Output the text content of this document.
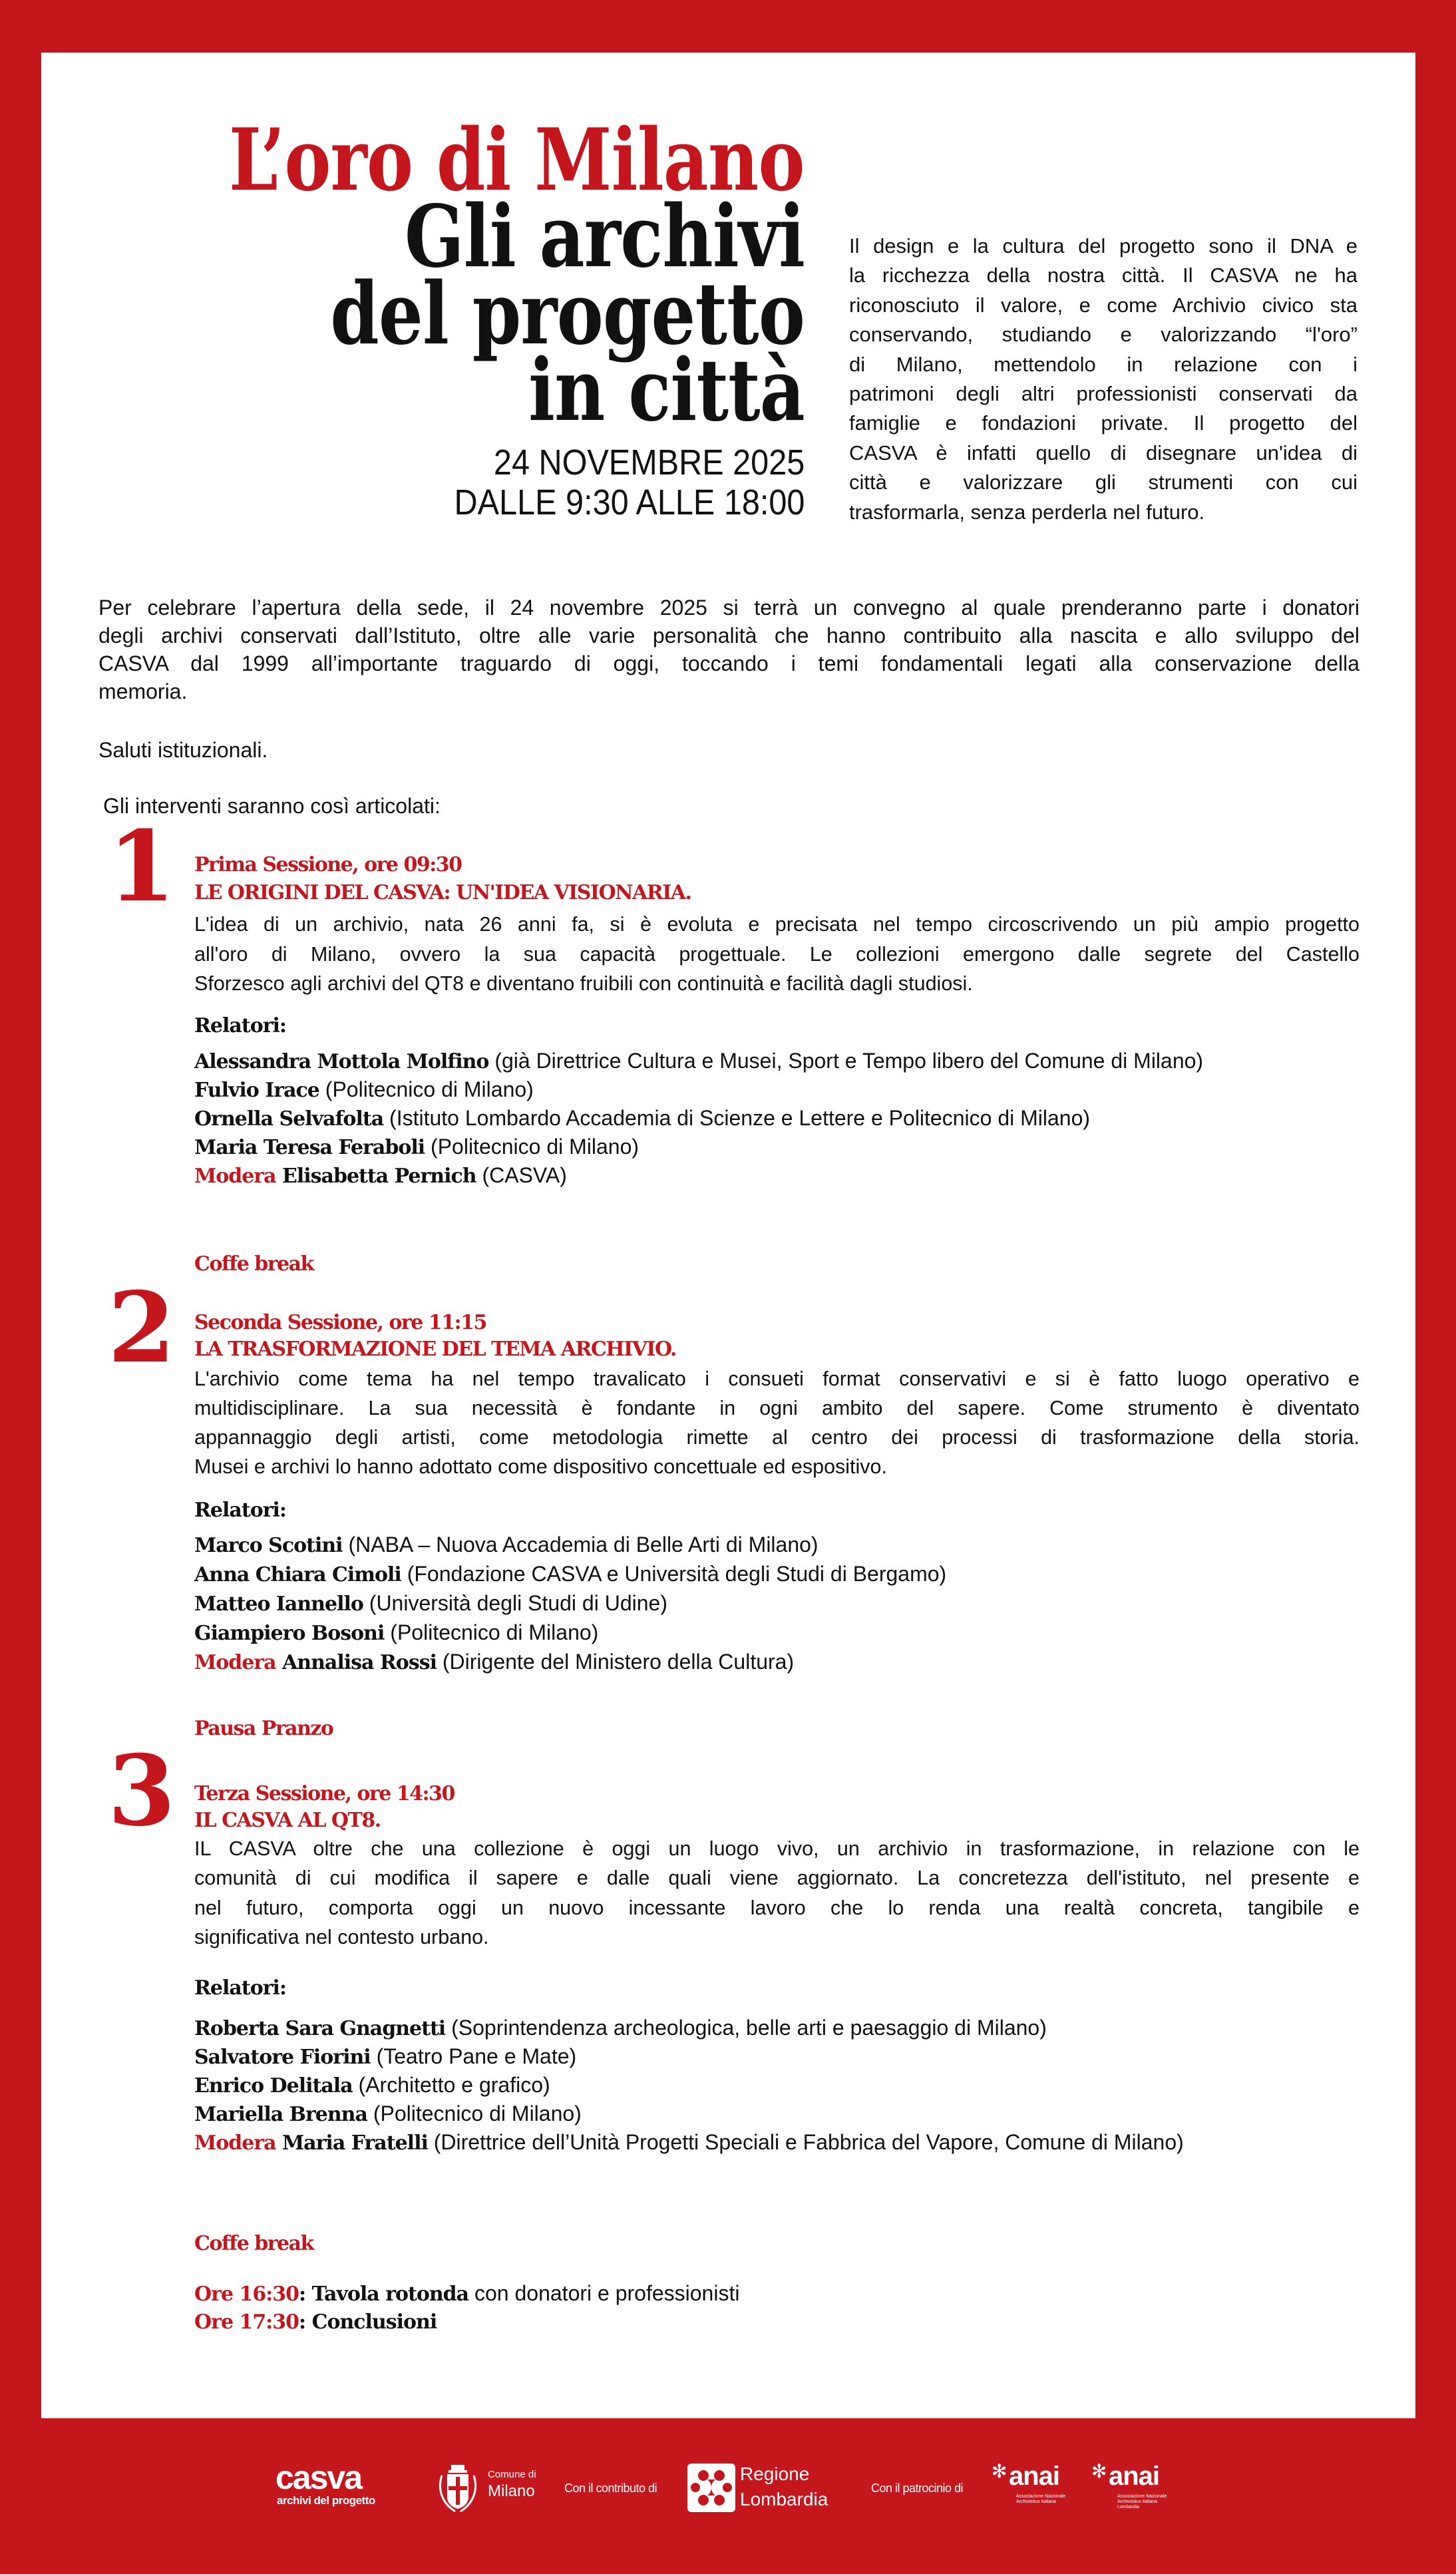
L’oro di Milano
Gli archivi
del progetto
in città
24 NOVEMBRE 2025
DALLE 9:30 ALLE 18:00
Il design e la cultura del progetto sono il DNA e
la ricchezza della nostra città. Il CASVA ne ha
riconosciuto il valore, e come Archivio civico sta
conservando, studiando e valorizzando “l'oro”
di Milano, mettendolo in relazione con i
patrimoni degli altri professionisti conservati da
famiglie e fondazioni private. Il progetto del
CASVA è infatti quello di disegnare un'idea di
città e valorizzare gli strumenti con cui
trasformarla, senza perderla nel futuro.
Per celebrare l’apertura della sede, il 24 novembre 2025 si terrà un convegno al quale prenderanno parte i donatori
degli archivi conservati dall’Istituto, oltre alle varie personalità che hanno contribuito alla nascita e allo sviluppo del
CASVA dal 1999 all’importante traguardo di oggi, toccando i temi fondamentali legati alla conservazione della
memoria.
Saluti istituzionali.
Gli interventi saranno così articolati:
1 Prima Sessione, ore 09:30
LE ORIGINI DEL CASVA: UN'IDEA VISIONARIA.
L'idea di un archivio, nata 26 anni fa, si è evoluta e precisata nel tempo circoscrivendo un più ampio progetto
all'oro di Milano, ovvero la sua capacità progettuale. Le collezioni emergono dalle segrete del Castello
Sforzesco agli archivi del QT8 e diventano fruibili con continuità e facilità dagli studiosi.
Relatori:
Alessandra Mottola Molfino (già Direttrice Cultura e Musei, Sport e Tempo libero del Comune di Milano)
Fulvio Irace (Politecnico di Milano)
Ornella Selvafolta (Istituto Lombardo Accademia di Scienze e Lettere e Politecnico di Milano)
Maria Teresa Feraboli (Politecnico di Milano)
Modera Elisabetta Pernich (CASVA)
2 Seconda Sessione, ore 11:15
LA TRASFORMAZIONE DEL TEMA ARCHIVIO.
L'archivio come tema ha nel tempo travalicato i consueti format conservativi e si è fatto luogo operativo e
multidisciplinare. La sua necessità è fondante in ogni ambito del sapere. Come strumento è diventato
appannaggio degli artisti, come metodologia rimette al centro dei processi di trasformazione della storia.
Musei e archivi lo hanno adottato come dispositivo concettuale ed espositivo.
Relatori:
Marco Scotini (NABA – Nuova Accademia di Belle Arti di Milano)
Anna Chiara Cimoli (Fondazione CASVA e Università degli Studi di Bergamo)
Matteo Iannello (Università degli Studi di Udine)
Giampiero Bosoni (Politecnico di Milano)
Modera Annalisa Rossi (Dirigente del Ministero della Cultura)
3 Terza Sessione, ore 14:30
IL CASVA AL QT8.
IL CASVA oltre che una collezione è oggi un luogo vivo, un archivio in trasformazione, in relazione con le
comunità di cui modifica il sapere e dalle quali viene aggiornato. La concretezza dell'istituto, nel presente e
nel futuro, comporta oggi un nuovo incessante lavoro che lo renda una realtà concreta, tangibile e
significativa nel contesto urbano.
Relatori:
Roberta Sara Gnagnetti (Soprintendenza archeologica, belle arti e paesaggio di Milano)
Salvatore Fiorini (Teatro Pane e Mate)
Enrico Delitala (Architetto e grafico)
Mariella Brenna (Politecnico di Milano)
Modera Maria Fratelli (Direttrice dell’Unità Progetti Speciali e Fabbrica del Vapore, Comune di Milano)
Coffe break
Pausa Pranzo
Coffe break
Ore 16:30: Tavola rotonda con donatori e professionisti
Ore 17:30: Conclusioni
casva
archivi del progetto
Comune di
Milano Con il contributo di
Regione
Lombardia
Con il patrocinio di
✻ anai
Associazione Nazionale
Archivistica Italiana
✻ anai
Associazione Nazionale
Archivistica Italiana
Lombardia
